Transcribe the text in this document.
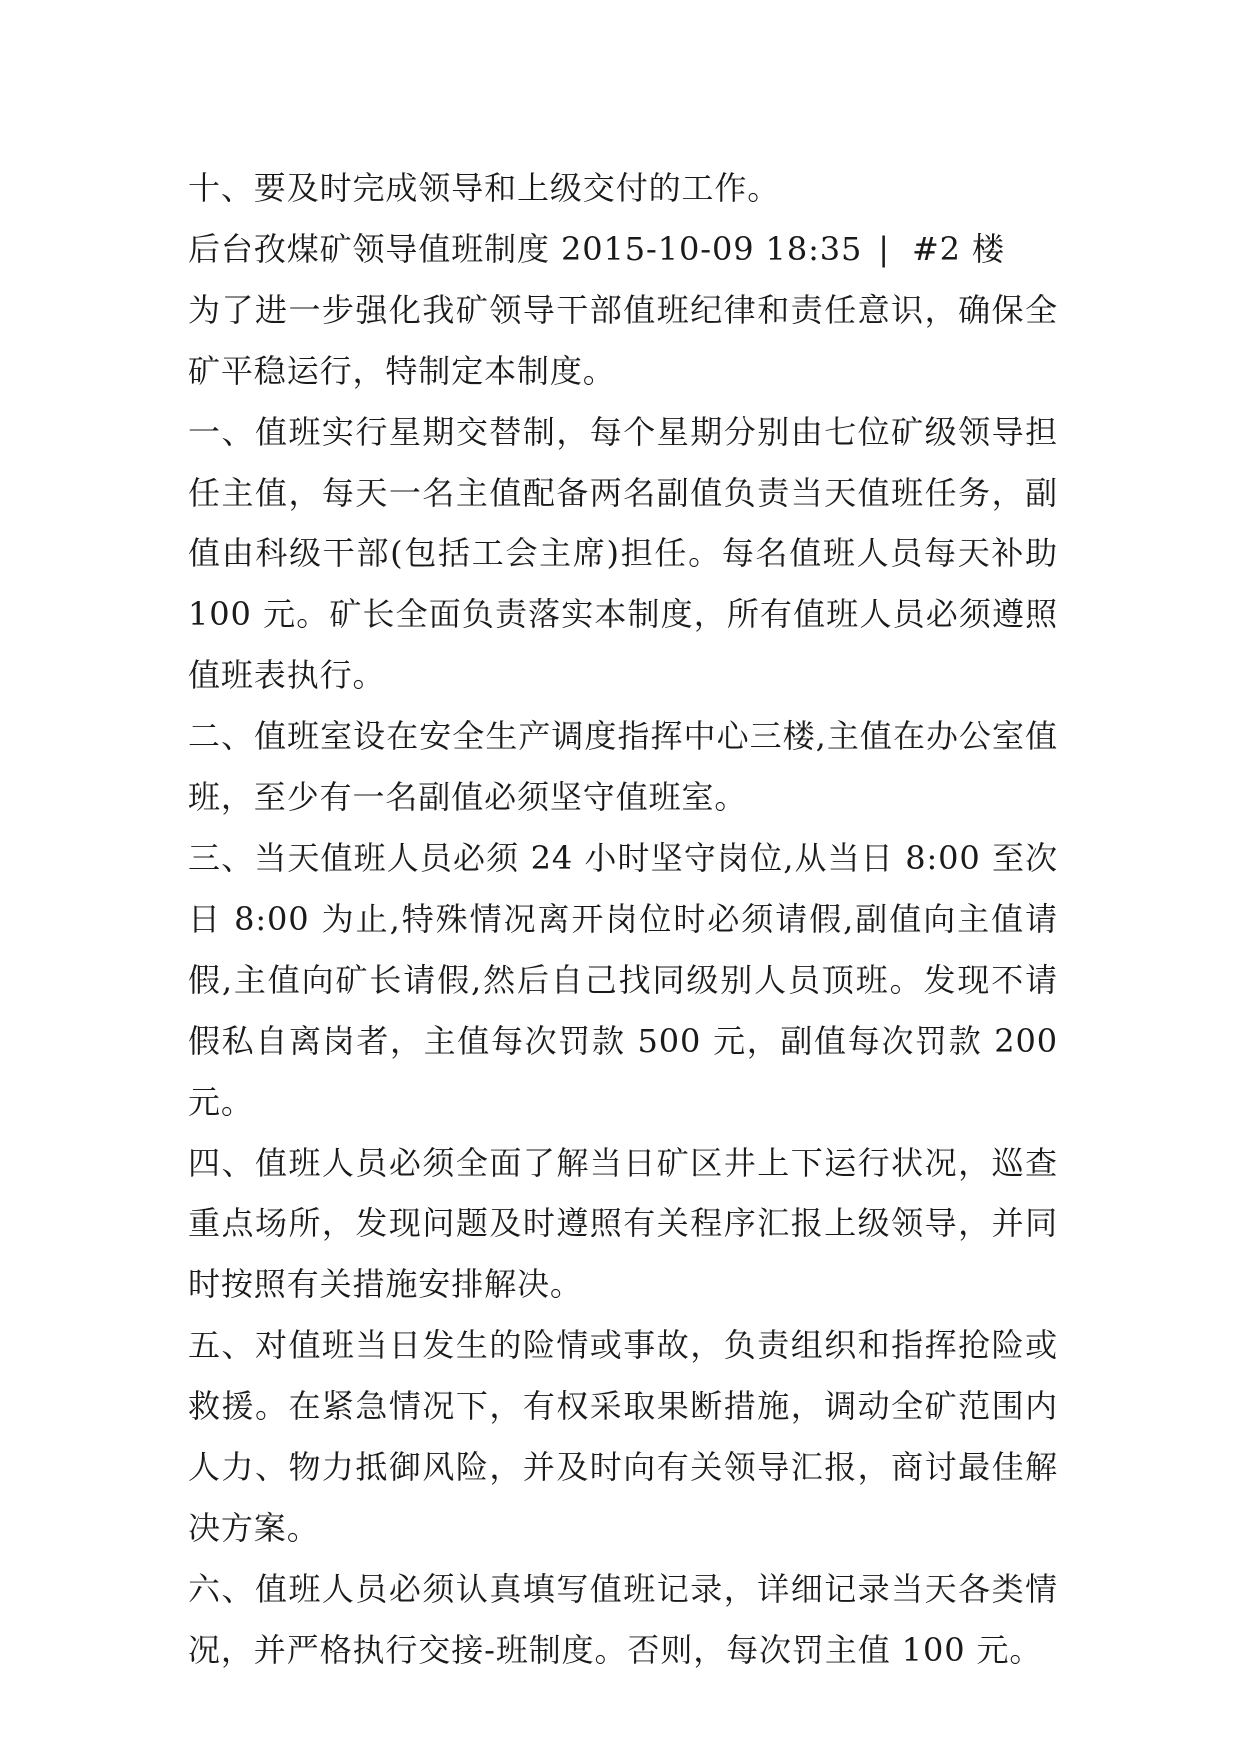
十、要及时完成领导和上级交付的工作。

后台孜煤矿领导值班制度 2015-10-09 18:35 | #2 楼

为了进一步强化我矿领导干部值班纪律和责任意识，确保全矿平稳运行，特制定本制度。

一、值班实行星期交替制，每个星期分别由七位矿级领导担任主值，每天一名主值配备两名副值负责当天值班任务，副值由科级干部(包括工会主席)担任。每名值班人员每天补助 100 元。矿长全面负责落实本制度，所有值班人员必须遵照值班表执行。

二、值班室设在安全生产调度指挥中心三楼,主值在办公室值班，至少有一名副值必须坚守值班室。

三、当天值班人员必须 24 小时坚守岗位,从当日 8:00 至次日 8:00 为止,特殊情况离开岗位时必须请假,副值向主值请假,主值向矿长请假,然后自己找同级别人员顶班。发现不请假私自离岗者，主值每次罚款 500 元，副值每次罚款 200 元。

四、值班人员必须全面了解当日矿区井上下运行状况，巡查重点场所，发现问题及时遵照有关程序汇报上级领导，并同时按照有关措施安排解决。

五、对值班当日发生的险情或事故，负责组织和指挥抢险或救援。在紧急情况下，有权采取果断措施，调动全矿范围内人力、物力抵御风险，并及时向有关领导汇报，商讨最佳解决方案。

六、值班人员必须认真填写值班记录，详细记录当天各类情况，并严格执行交接-班制度。否则，每次罚主值 100 元。
